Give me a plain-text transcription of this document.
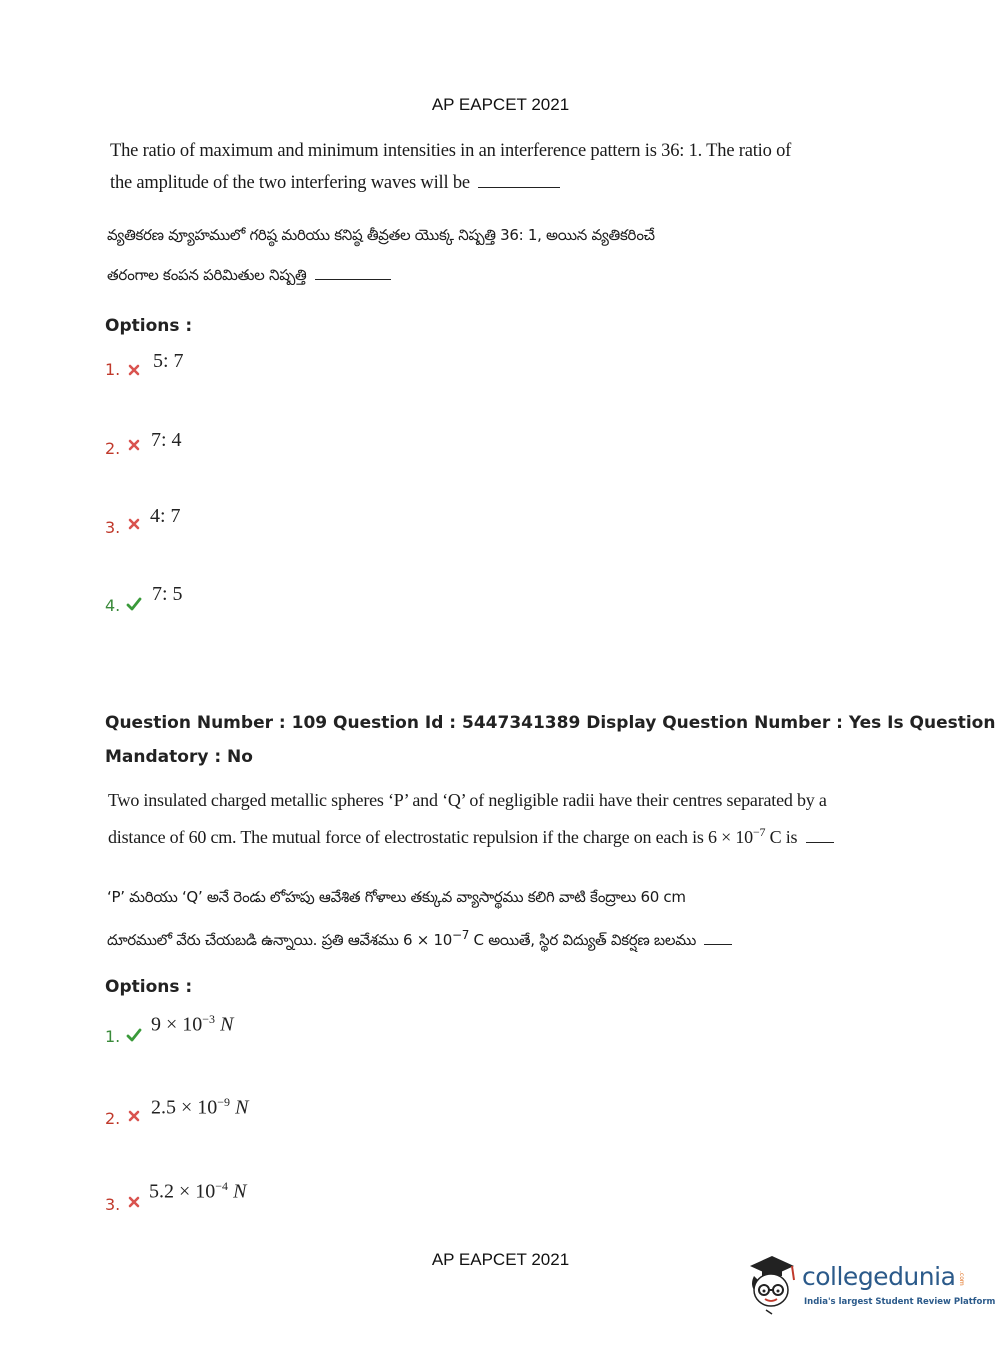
AP EAPCET 2021
The ratio of maximum and minimum intensities in an interference pattern is 36: 1. The ratio of
the amplitude of the two interfering waves will be
వ్యతికరణ వ్యూహములో గరిష్ఠ మరియు కనిష్ఠ తీవ్రతల యొక్క నిష్పత్తి 36: 1, అయిన వ్యతికరించే
తరంగాల కంపన పరిమితుల నిష్పత్తి
Options :
1. 5: 7
2. 7: 4
3.
4: 7
4.
7: 5
Question Number : 109 Question Id : 5447341389 Display Question Number : Yes Is Question
Mandatory : No
Two insulated charged metallic spheres ‘P’ and ‘Q’ of negligible radii have their centres separated by a
distance of 60 cm. The mutual force of electrostatic repulsion if the charge on each is $6 \times 10^{-7}$ C is
‘P’ మరియు ‘Q’ అనే రెండు లోహపు ఆవేశిత గోళాలు తక్కువ వ్యాసార్థము కలిగి వాటి కేంద్రాలు 60 cm
దూరములో వేరు చేయబడి ఉన్నాయి. ప్రతి ఆవేశము $6 \times 10^{-7}$ C అయితే, స్థిర విద్యుత్ వికర్షణ బలము
Options :
1.
$9 \times 10^{-3}$ N
2. $2.5 \times 10^{-9}$ N
3.
$5.2 \times 10^{-4}$ N
AP EAPCET 2021
collegedunia .com
India's largest Student Review Platform
